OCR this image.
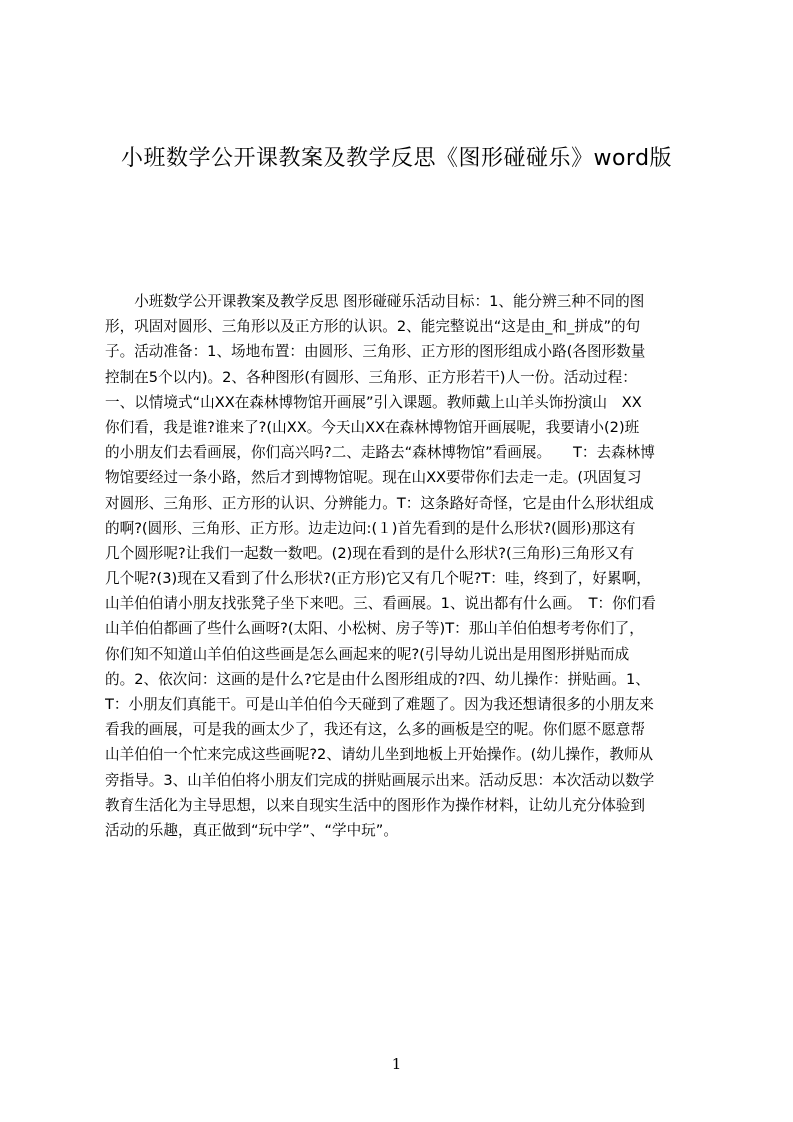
小班数学公开课教案及教学反思《图形碰碰乐》word版
　　小班数学公开课教案及教学反思 图形碰碰乐活动目标：1、能分辨三种不同的图
形，巩固对圆形、三角形以及正方形的认识。2、能完整说出“这是由_和_拼成”的句
子。活动准备：1、场地布置：由圆形、三角形、正方形的图形组成小路(各图形数量
控制在5个以内)。2、各种图形(有圆形、三角形、正方形若干)人一份。活动过程：
一、以情境式“山XX在森林博物馆开画展”引入课题。教师戴上山羊头饰扮演山　XX
你们看，我是谁?谁来了?(山XX。今天山XX在森林博物馆开画展呢，我要请小(2)班
的小朋友们去看画展，你们高兴吗?二、走路去“森林博物馆”看画展。　　T：去森林博
物馆要经过一条小路，然后才到博物馆呢。现在山XX要带你们去走一走。(巩固复习
对圆形、三角形、正方形的认识、分辨能力。T：这条路好奇怪，它是由什么形状组成
的啊?(圆形、三角形、正方形。边走边问:(１)首先看到的是什么形状?(圆形)那这有
几个圆形呢?让我们一起数一数吧。(2)现在看到的是什么形状?(三角形)三角形又有
几个呢?(3)现在又看到了什么形状?(正方形)它又有几个呢?T：哇，终到了，好累啊，
山羊伯伯请小朋友找张凳子坐下来吧。三、看画展。1、说出都有什么画。　T：你们看
山羊伯伯都画了些什么画呀?(太阳、小松树、房子等)T：那山羊伯伯想考考你们了，
你们知不知道山羊伯伯这些画是怎么画起来的呢?(引导幼儿说出是用图形拼贴而成
的。2、依次问：这画的是什么?它是由什么图形组成的?四、幼儿操作：拼贴画。1、
T：小朋友们真能干。可是山羊伯伯今天碰到了难题了。因为我还想请很多的小朋友来
看我的画展，可是我的画太少了，我还有这，么多的画板是空的呢。你们愿不愿意帮
山羊伯伯一个忙来完成这些画呢?2、请幼儿坐到地板上开始操作。(幼儿操作，教师从
旁指导。3、山羊伯伯将小朋友们完成的拼贴画展示出来。活动反思：本次活动以数学
教育生活化为主导思想，以来自现实生活中的图形作为操作材料，让幼儿充分体验到
活动的乐趣，真正做到“玩中学”、“学中玩”。
1
